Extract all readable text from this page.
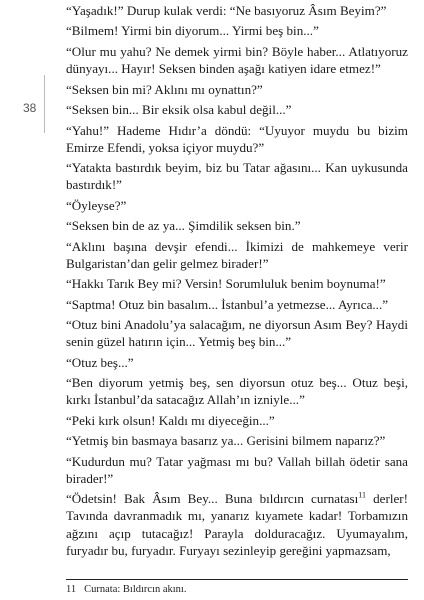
38

“Yaşadık!” Durup kulak verdi: “Ne basıyoruz Âsım Beyim?”

“Bilmem! Yirmi bin diyorum... Yirmi beş bin...”

“Olur mu yahu? Ne demek yirmi bin? Böyle haber... Atlatıyoruz dünyayı... Hayır! Seksen binden aşağı katiyen idare etmez!”

“Seksen bin mi? Aklını mı oynattın?”

“Seksen bin... Bir eksik olsa kabul değil...”

“Yahu!” Hademe Hıdır’a döndü: “Uyuyor muydu bu bizim Emirze Efendi, yoksa içiyor muydu?”

“Yatakta bastırdık beyim, biz bu Tatar ağasını... Kan uykusunda bastırdık!”

“Öyleyse?”

“Seksen bin de az ya... Şimdilik seksen bin.”

“Aklını başına devşir efendi... İkimizi de mahkemeye verir Bulgaristan’dan gelir gelmez birader!”

“Hakkı Tarık Bey mi? Versin! Sorumluluk benim boynuma!”

“Saptma! Otuz bin basalım... İstanbul’a yetmezse... Ayrıca...”

“Otuz bini Anadolu’ya salacağım, ne diyorsun Asım Bey? Haydi senin güzel hatırın için... Yetmiş beş bin...”

“Otuz beş...”

“Ben diyorum yetmiş beş, sen diyorsun otuz beş... Otuz beşi, kırkı İstanbul’da satacağız Allah’ın izniyle...”

“Peki kırk olsun! Kaldı mı diyeceğin...”

“Yetmiş bin basmaya basarız ya... Gerisini bilmem naparız?”

“Kudurdun mu? Tatar yağması mı bu? Vallah billah ödetir sana birader!”

“Ödetsin! Bak Âsım Bey... Buna bıldırcın curnatası$^{11}$ derler! Tavında davranmadık mı, yanarız kıyamete kadar! Torbamızın ağzını açıp tutacağız! Parayla dolduracağız. Uyumayalım, furyadır bu, furyadır. Furyayı sezinleyip gereğini yapmazsam,

11 Curnata: Bıldırcın akını.
